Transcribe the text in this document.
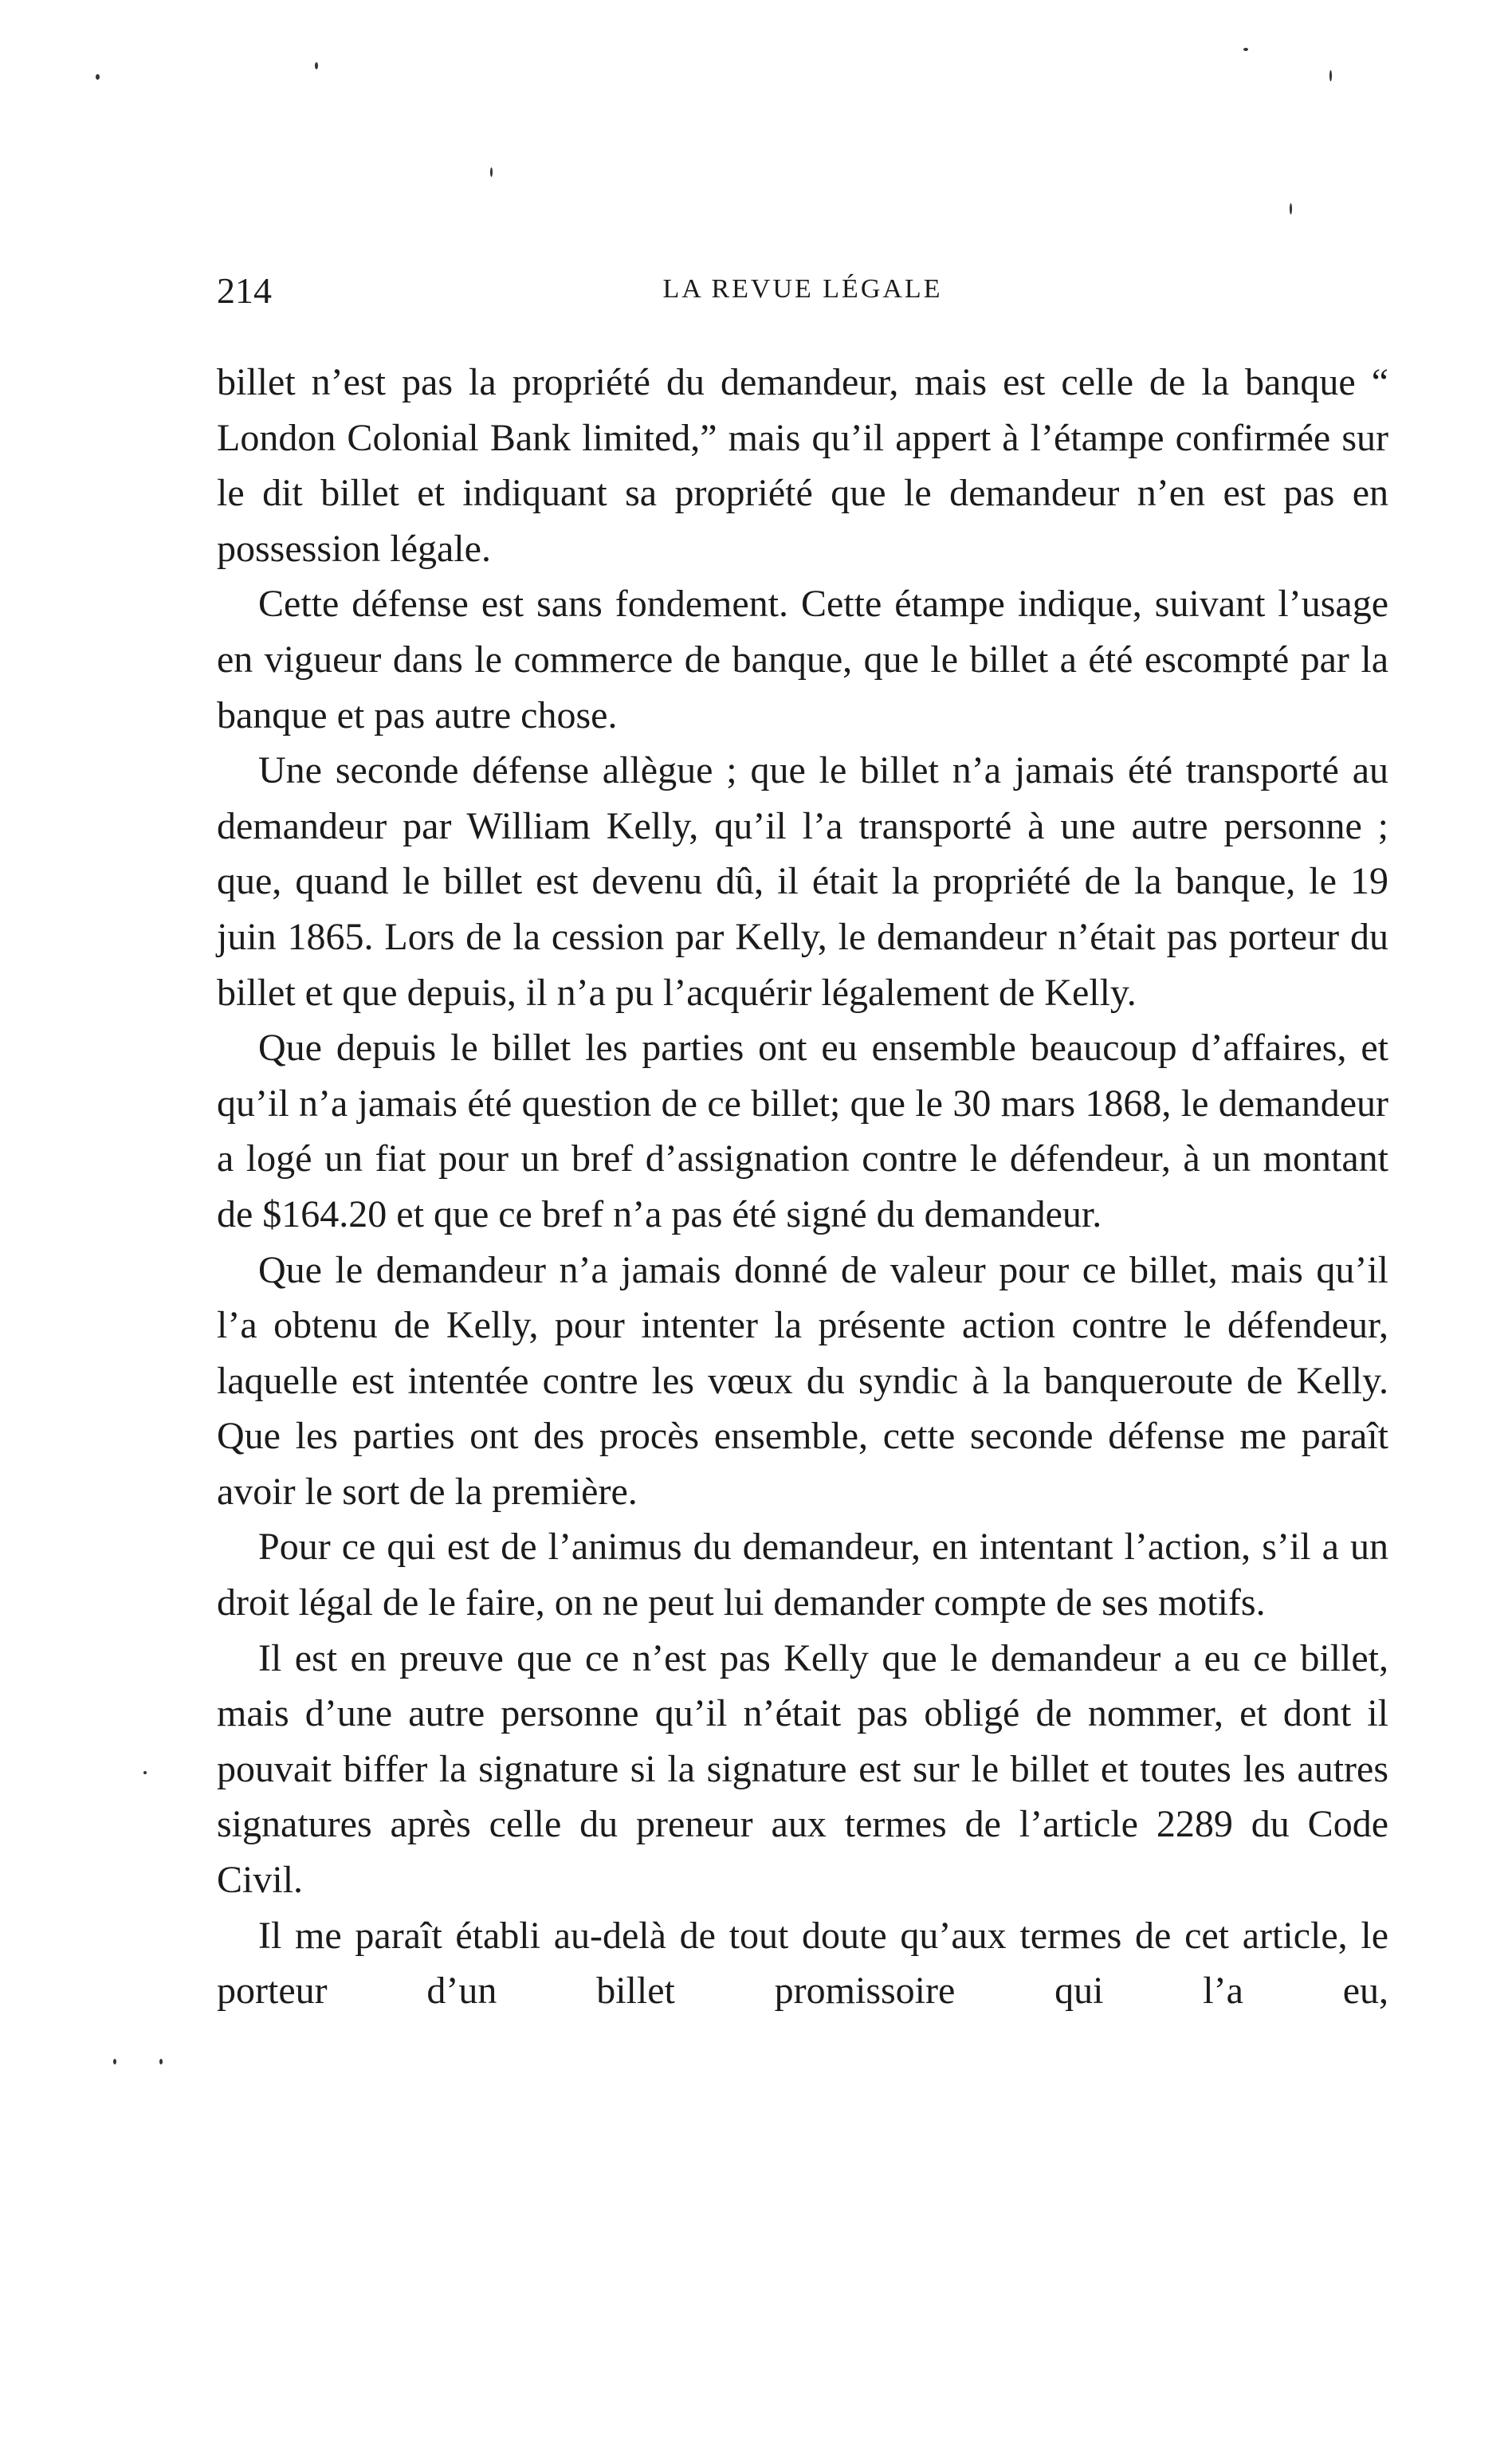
214	LA REVUE LÉGALE

billet n’est pas la propriété du demandeur, mais est celle de la banque “ London Colonial Bank limited,” mais qu’il appert à l’étampe confirmée sur le dit billet et indiquant sa propriété que le demandeur n’en est pas en possession légale.

Cette défense est sans fondement. Cette étampe indique, suivant l’usage en vigueur dans le commerce de banque, que le billet a été escompté par la banque et pas autre chose.

Une seconde défense allègue ; que le billet n’a jamais été transporté au demandeur par William Kelly, qu’il l’a transporté à une autre personne ; que, quand le billet est devenu dû, il était la propriété de la banque, le 19 juin 1865. Lors de la cession par Kelly, le demandeur n’était pas porteur du billet et que depuis, il n’a pu l’acquérir légalement de Kelly.

Que depuis le billet les parties ont eu ensemble beaucoup d’affaires, et qu’il n’a jamais été question de ce billet; que le 30 mars 1868, le demandeur a logé un fiat pour un bref d’assignation contre le défendeur, à un montant de $164.20 et que ce bref n’a pas été signé du demandeur.

Que le demandeur n’a jamais donné de valeur pour ce billet, mais qu’il l’a obtenu de Kelly, pour intenter la présente action contre le défendeur, laquelle est intentée contre les vœux du syndic à la banqueroute de Kelly. Que les parties ont des procès ensemble, cette seconde défense me paraît avoir le sort de la première.

Pour ce qui est de l’animus du demandeur, en intentant l’action, s’il a un droit légal de le faire, on ne peut lui demander compte de ses motifs.

Il est en preuve que ce n’est pas Kelly que le demandeur a eu ce billet, mais d’une autre personne qu’il n’était pas obligé de nommer, et dont il pouvait biffer la signature si la signature est sur le billet et toutes les autres signatures après celle du preneur aux termes de l’article 2289 du Code Civil.

Il me paraît établi au-delà de tout doute qu’aux termes de cet article, le porteur d’un billet promissoire qui l’a eu,
